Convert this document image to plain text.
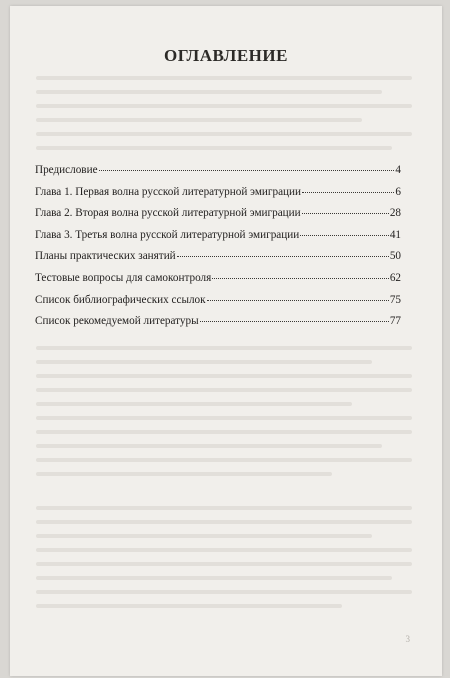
ОГЛАВЛЕНИЕ
Предисловие	4
Глава 1. Первая волна русской литературной эмиграции	6
Глава 2. Вторая волна русской литературной эмиграции	28
Глава 3. Третья волна русской литературной эмиграции	41
Планы практических занятий	50
Тестовые вопросы для самоконтроля	62
Список библиографических ссылок	75
Список рекомедуемой литературы	77
3
